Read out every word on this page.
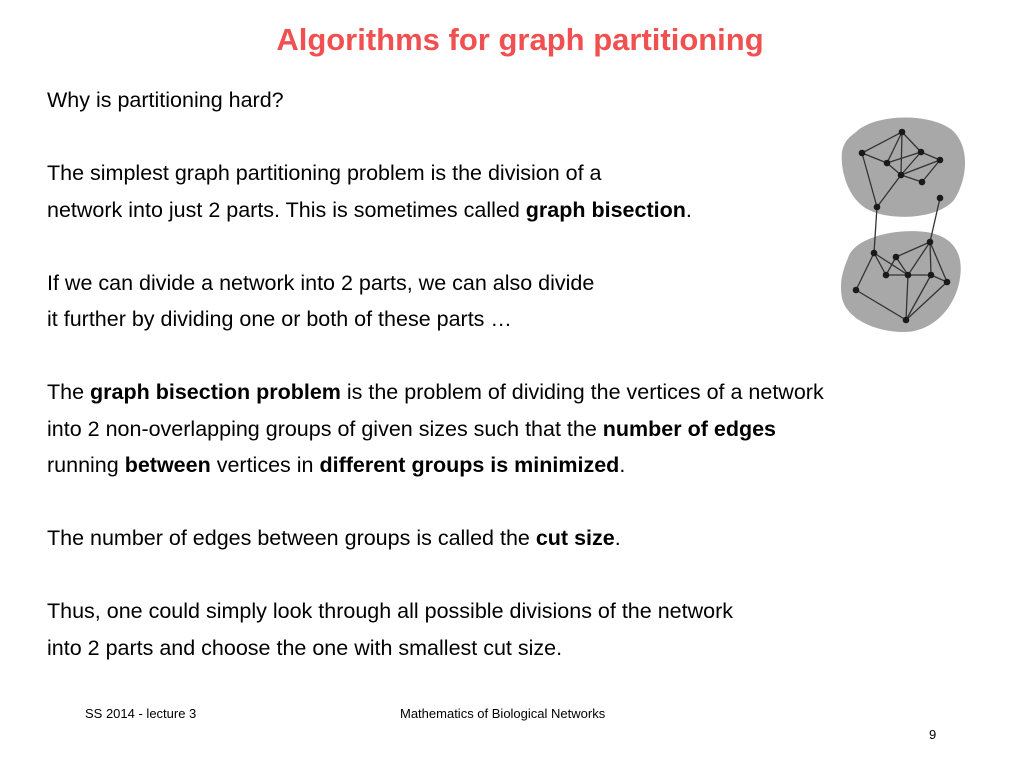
Algorithms for graph partitioning
Why is partitioning hard?
The simplest graph partitioning problem is the division of a
network into just 2 parts. This is sometimes called graph bisection.
If we can divide a network into 2 parts, we can also divide
it further by dividing one or both of these parts …
The graph bisection problem is the problem of dividing the vertices of a network
into 2 non-overlapping groups of given sizes such that the number of edges
running between vertices in different groups is minimized.
The number of edges between groups is called the cut size.
Thus, one could simply look through all possible divisions of the network
into 2 parts and choose the one with smallest cut size.
SS 2014 - lecture 3	Mathematics of Biological Networks
9
